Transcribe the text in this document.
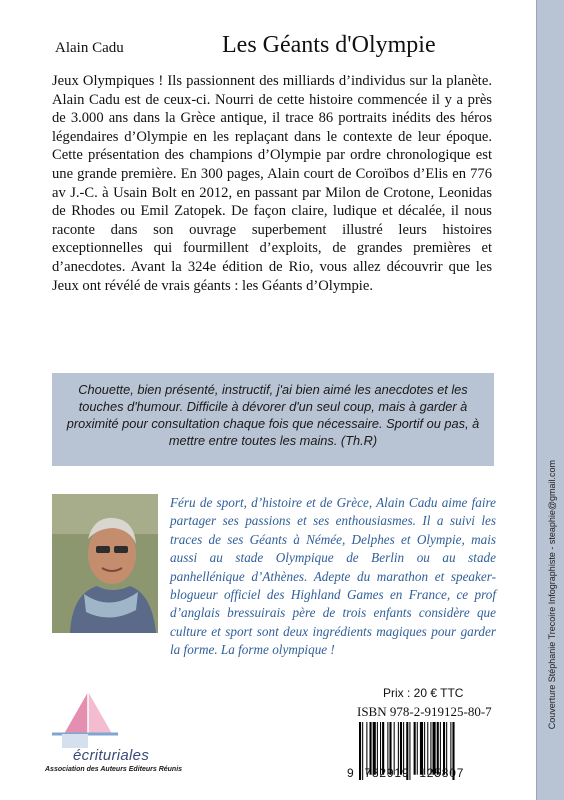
Couverture Stéphanie Trecoire Infographiste - steaphie@gmail.com
Alain Cadu	Les Géants d'Olympie

Jeux Olympiques ! Ils passionnent des milliards d’individus sur la planète. Alain Cadu est de ceux-ci. Nourri de cette histoire commencée il y a près de 3.000 ans dans la Grèce antique, il trace 86 portraits inédits des héros légendaires d’Olympie en les replaçant dans le contexte de leur époque. Cette présentation des champions d’Olympie par ordre chronologique est une grande première. En 300 pages, Alain court de Coroïbos d’Elis en 776 av J.-C. à Usain Bolt en 2012, en passant par Milon de Crotone, Leonidas de Rhodes ou Emil Zatopek. De façon claire, ludique et décalée, il nous raconte dans son ouvrage superbement illustré leurs histoires exceptionnelles qui fourmillent d’exploits, de grandes premières et d’anecdotes. Avant la 324e édition de Rio, vous allez découvrir que les Jeux ont révélé de vrais géants : les Géants d’Olympie.

Chouette, bien présenté, instructif, j'ai bien aimé les anecdotes et les touches d'humour. Difficile à dévorer d'un seul coup, mais à garder à proximité pour consultation chaque fois que nécessaire. Sportif ou pas, à mettre entre toutes les mains. (Th.R)

Féru de sport, d’histoire et de Grèce, Alain Cadu aime faire partager ses passions et ses enthousiasmes. Il a suivi les traces de ses Géants à Némée, Delphes et Olympie, mais aussi au stade Olympique de Berlin ou au stade panhellénique d’Athènes. Adepte du marathon et speaker-blogueur officiel des Highland Games en France, ce prof d’anglais bressuirais père de trois enfants considère que culture et sport sont deux ingrédients magiques pour garder la forme. La forme olympique !

écrituriales
Association des Auteurs Editeurs Réunis
Prix : 20 € TTC
ISBN 978-2-919125-80-7
9 782919 125807
